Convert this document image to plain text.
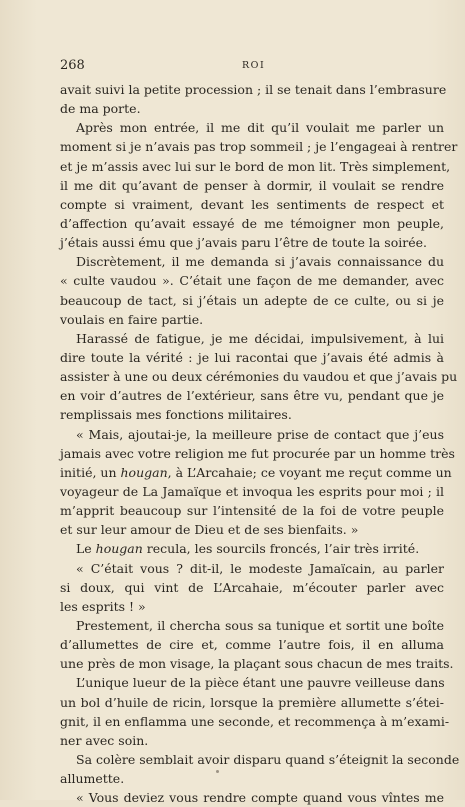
268	ROI
avait suivi la petite procession ; il se tenait dans l’embrasure
de ma porte.
Après mon entrée, il me dit qu’il voulait me parler un
moment si je n’avais pas trop sommeil ; je l’engageai à rentrer
et je m’assis avec lui sur le bord de mon lit. Très simplement,
il me dit qu’avant de penser à dormir, il voulait se rendre
compte si vraiment, devant les sentiments de respect et
d’affection qu’avait essayé de me témoigner mon peuple,
j’étais aussi ému que j’avais paru l’être de toute la soirée.
Discrètement, il me demanda si j’avais connaissance du
« culte vaudou ». C’était une façon de me demander, avec
beaucoup de tact, si j’étais un adepte de ce culte, ou si je
voulais en faire partie.
Harassé de fatigue, je me décidai, impulsivement, à lui
dire toute la vérité : je lui racontai que j’avais été admis à
assister à une ou deux cérémonies du vaudou et que j’avais pu
en voir d’autres de l’extérieur, sans être vu, pendant que je
remplissais mes fonctions militaires.
« Mais, ajoutai-je, la meilleure prise de contact que j’eus
jamais avec votre religion me fut procurée par un homme très
initié, un hougan, à L’Arcahaie; ce voyant me reçut comme un
voyageur de La Jamaïque et invoqua les esprits pour moi ; il
m’apprit beaucoup sur l’intensité de la foi de votre peuple
et sur leur amour de Dieu et de ses bienfaits. »
Le hougan recula, les sourcils froncés, l’air très irrité.
« C’était vous ? dit-il, le modeste Jamaïcain, au parler
si doux, qui vint de L’Arcahaie, m’écouter parler avec
les esprits ! »
Prestement, il chercha sous sa tunique et sortit une boîte
d’allumettes de cire et, comme l’autre fois, il en alluma
une près de mon visage, la plaçant sous chacun de mes traits.
L’unique lueur de la pièce étant une pauvre veilleuse dans
un bol d’huile de ricin, lorsque la première allumette s’étei-
gnit, il en enflamma une seconde, et recommença à m’exami-
ner avec soin.
Sa colère semblait avoir disparu quand s’éteignit la seconde
allumette.
« Vous deviez vous rendre compte quand vous vîntes me
